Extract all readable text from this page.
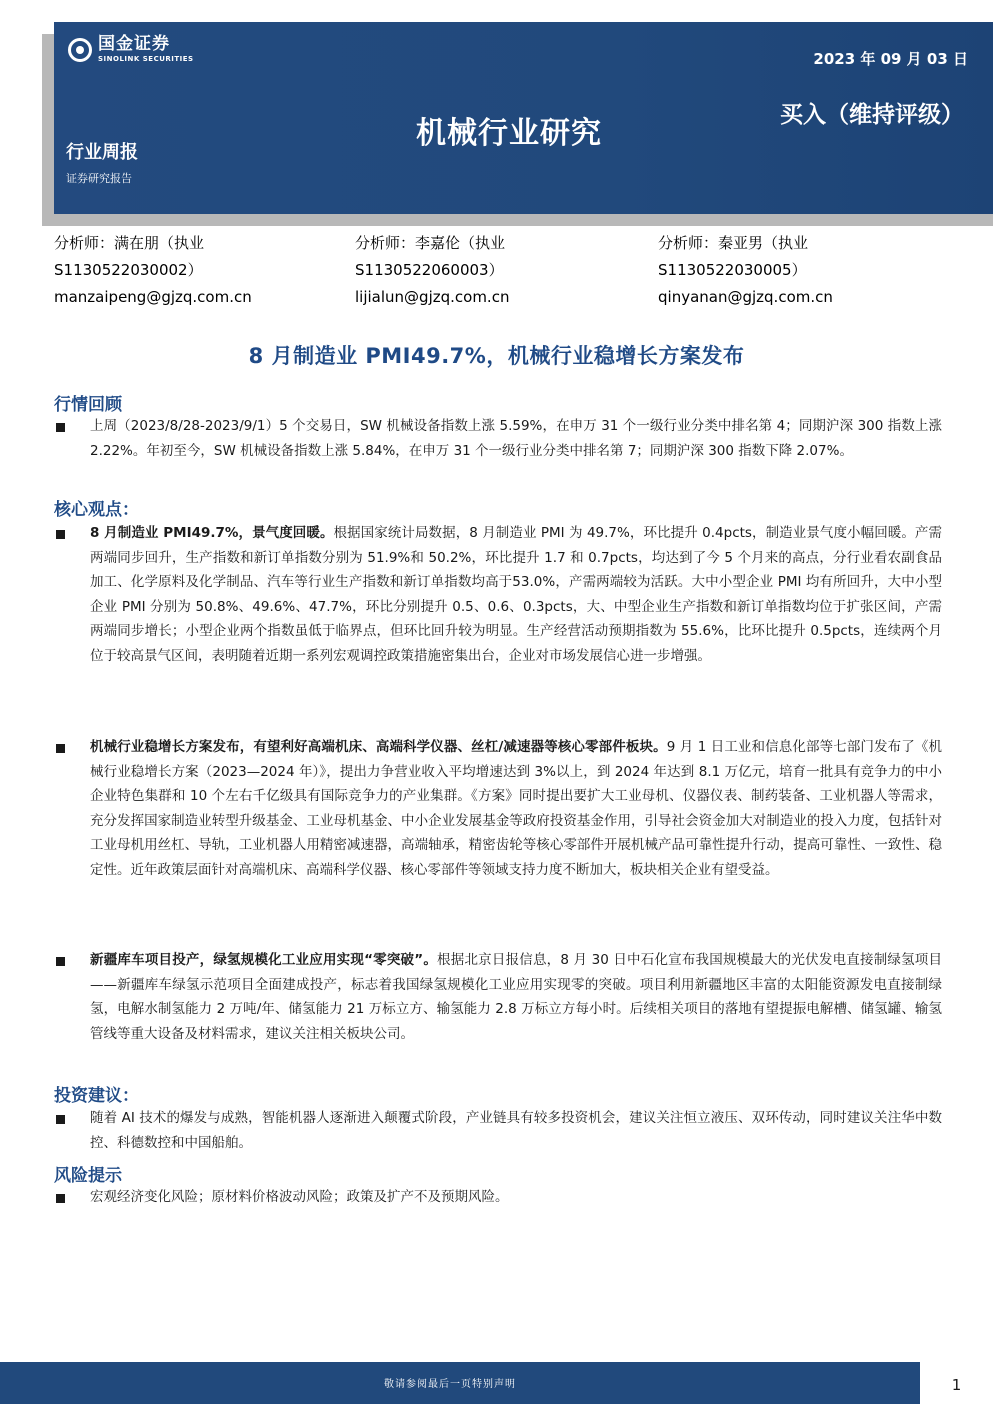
国金证券
SINOLINK SECURITIES	2023 年 09 月 03 日
机械行业研究
买入（维持评级）
行业周报
证券研究报告
分析师：满在朋（执业
S1130522030002）
manzaipeng@gjzq.com.cn
分析师：李嘉伦（执业
S1130522060003）
lijialun@gjzq.com.cn
分析师：秦亚男（执业
S1130522030005）
qinyanan@gjzq.com.cn
8 月制造业 PMI49.7%，机械行业稳增长方案发布
行情回顾
上周（2023/8/28-2023/9/1）5 个交易日，SW 机械设备指数上涨 5.59%，在申万 31 个一级行业分类中排名第 4；同期沪深 300 指数上涨 2.22%。年初至今，SW 机械设备指数上涨 5.84%，在申万 31 个一级行业分类中排名第 7；同期沪深 300 指数下降 2.07%。
核心观点：
8 月制造业 PMI49.7%，景气度回暖。根据国家统计局数据，8 月制造业 PMI 为 49.7%，环比提升 0.4pcts，制造业景气度小幅回暖。产需两端同步回升，生产指数和新订单指数分别为 51.9%和 50.2%，环比提升 1.7 和 0.7pcts，均达到了今 5 个月来的高点，分行业看农副食品加工、化学原料及化学制品、汽车等行业生产指数和新订单指数均高于53.0%，产需两端较为活跃。大中小型企业 PMI 均有所回升，大中小型企业 PMI 分别为 50.8%、49.6%、47.7%，环比分别提升 0.5、0.6、0.3pcts，大、中型企业生产指数和新订单指数均位于扩张区间，产需两端同步增长；小型企业两个指数虽低于临界点，但环比回升较为明显。生产经营活动预期指数为 55.6%，比环比提升 0.5pcts，连续两个月位于较高景气区间，表明随着近期一系列宏观调控政策措施密集出台，企业对市场发展信心进一步增强。
机械行业稳增长方案发布，有望利好高端机床、高端科学仪器、丝杠/减速器等核心零部件板块。9 月 1 日工业和信息化部等七部门发布了《机械行业稳增长方案（2023—2024 年）》，提出力争营业收入平均增速达到 3%以上，到 2024 年达到 8.1 万亿元，培育一批具有竞争力的中小企业特色集群和 10 个左右千亿级具有国际竞争力的产业集群。《方案》同时提出要扩大工业母机、仪器仪表、制药装备、工业机器人等需求，充分发挥国家制造业转型升级基金、工业母机基金、中小企业发展基金等政府投资基金作用，引导社会资金加大对制造业的投入力度，包括针对工业母机用丝杠、导轨，工业机器人用精密减速器，高端轴承，精密齿轮等核心零部件开展机械产品可靠性提升行动，提高可靠性、一致性、稳定性。近年政策层面针对高端机床、高端科学仪器、核心零部件等领域支持力度不断加大，板块相关企业有望受益。
新疆库车项目投产，绿氢规模化工业应用实现“零突破”。根据北京日报信息，8 月 30 日中石化宣布我国规模最大的光伏发电直接制绿氢项目——新疆库车绿氢示范项目全面建成投产，标志着我国绿氢规模化工业应用实现零的突破。项目利用新疆地区丰富的太阳能资源发电直接制绿氢，电解水制氢能力 2 万吨/年、储氢能力 21 万标立方、输氢能力 2.8 万标立方每小时。后续相关项目的落地有望提振电解槽、储氢罐、输氢管线等重大设备及材料需求，建议关注相关板块公司。
投资建议：
随着 AI 技术的爆发与成熟，智能机器人逐渐进入颠覆式阶段，产业链具有较多投资机会，建议关注恒立液压、双环传动，同时建议关注华中数控、科德数控和中国船舶。
风险提示
宏观经济变化风险；原材料价格波动风险；政策及扩产不及预期风险。
敬请参阅最后一页特别声明	1
